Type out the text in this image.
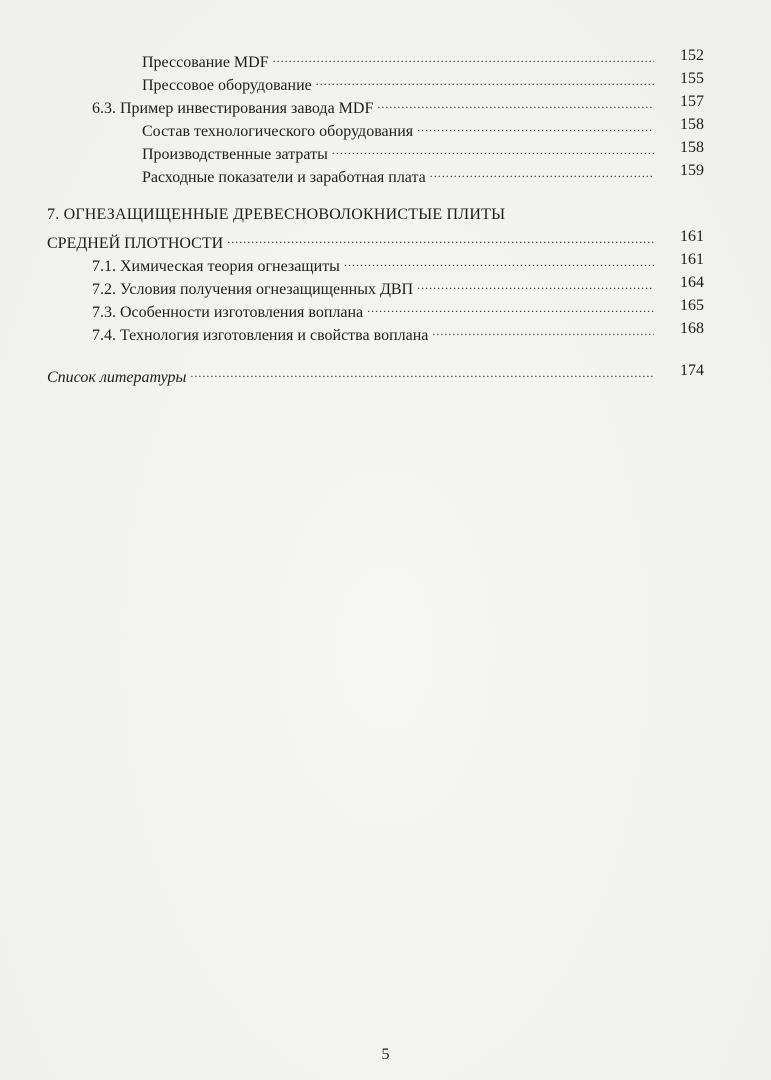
Прессование MDF .....	152
Прессовое оборудование .....	155
6.3. Пример инвестирования завода MDF .....	157
Состав технологического оборудования .....	158
Производственные затраты .....	158
Расходные показатели и заработная плата .....	159
7. ОГНЕЗАЩИЩЕННЫЕ ДРЕВЕСНОВОЛОКНИСТЫЕ ПЛИТЫ
СРЕДНЕЙ ПЛОТНОСТИ .....	161
7.1. Химическая теория огнезащиты .....	161
7.2. Условия получения огнезащищенных ДВП .....	164
7.3. Особенности изготовления воплана .....	165
7.4. Технология изготовления и свойства воплана .....	168
Список литературы .....	174
5
